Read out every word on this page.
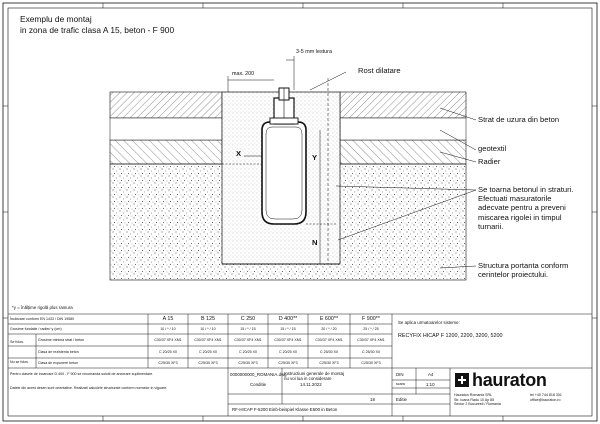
Exemplu de montaj
in zona de trafic clasa A 15, beton - F 900
max. 200
3-5 mm lestura
Rost dilatare
X	Y
N
Strat de uzura din beton
geotextil
Radier
Se toarna betonul in straturi.
Efectuati masuratorile
adecvate pentru a preveni
miscarea rigolei in timpul
turnarii.
Structura portanta conform
cerintelor proiectului.
*y = înălțime rigolă plus ramura
Încărcare conform EN 1433 / DIN 19580	A 15	B 125	C 250	D 400**	E 600**	F 900**
Grosime fundatie / radier/ y (cm)	10 / * / 10	10 / * / 10	15 / * / 15	15 / * / 15	20 / * / 20	25 / * / 25
Se folos.
Nu se folos.
Grosime minima strat / beton	C30/37 XF4 XM1	C30/37 XF4 XM1	C30/37 XF4 XM1	C30/37 XF4 XM1	C30/37 XF4 XM1	C30/37 XF4 XM1
Clasa de rezistenta beton	C 20/25 X0	C 20/25 X0	C 20/25 X0	C 20/25 X0	C 25/30 X0	C 25/30 X0
Clasa de expunere beton	C25/30 XF3	C25/30 XF3	C25/30 XF3	C25/30 XF3	C25/30 XF3	C25/30 XF3
Se aplica urmatoarelor sisteme:
RECYFIX HICAP F 1200, 2200, 3200, 5200
Pentru clasele de incarcare D 400 - F 900 se recomanda solutii de ancorare suplimentare.
Datele din acest desen sunt orientative. Realizati calculele structurale conform normelor in vigoare.
0000000000_ROMANIA.dwg
Instructiuni generale de montaj
nu voi lua in considerare
Conditie	14.11.2022
DIN	A4
scara	1:10
18	Editie
RF-HICAP F-5200 Einb-beispiel Klasse E600 in Beton
hauraton
Hauraton Romania SRL
Str. Ioana Radu 10 Ap 85
Sector 2 Bucuresti / Romania
tel +40 744 818 301
office@hauraton.ro
